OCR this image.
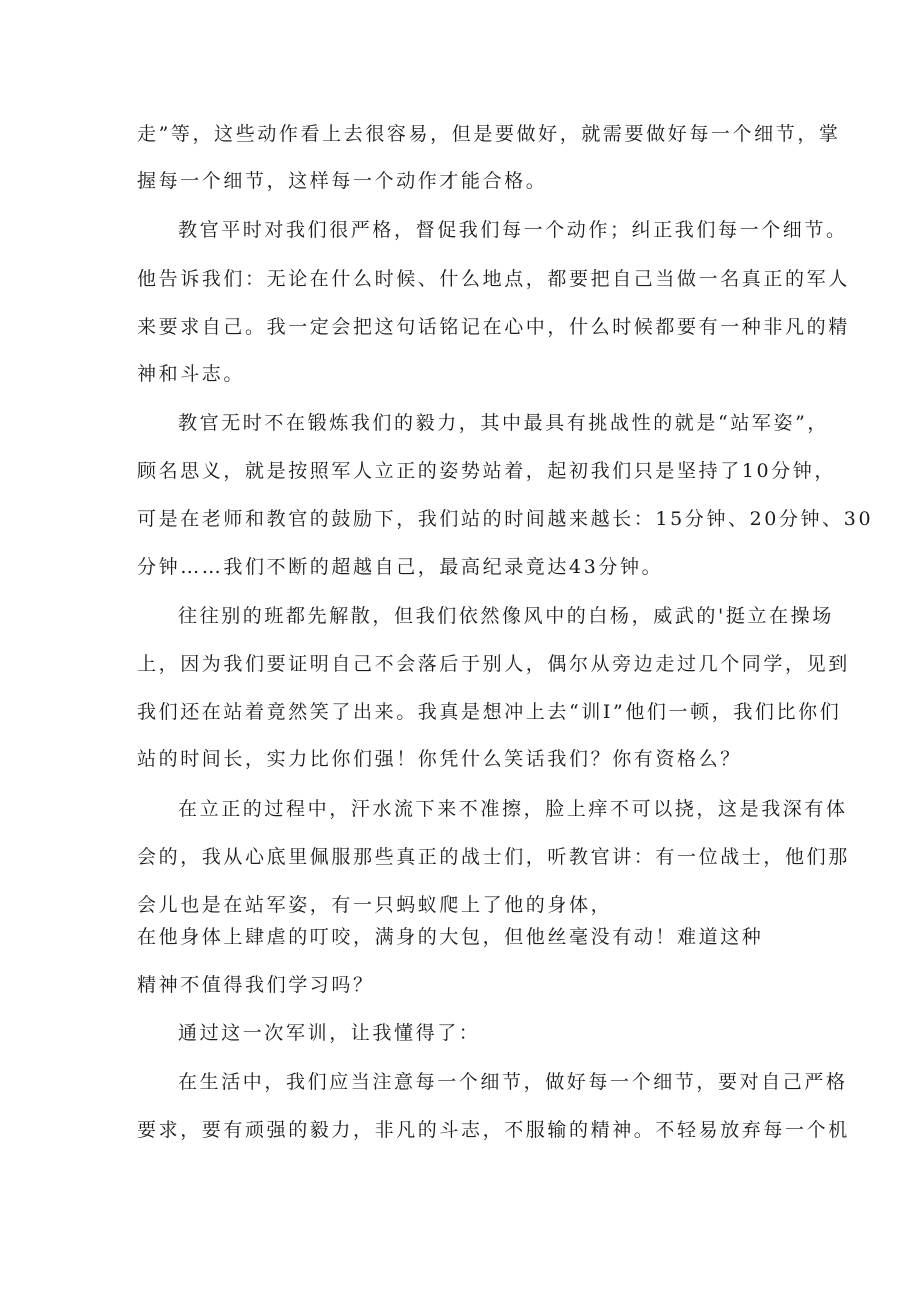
走”等，这些动作看上去很容易，但是要做好，就需要做好每一个细节，掌
握每一个细节，这样每一个动作才能合格。
教官平时对我们很严格，督促我们每一个动作；纠正我们每一个细节。
他告诉我们：无论在什么时候、什么地点，都要把自己当做一名真正的军人
来要求自己。我一定会把这句话铭记在心中，什么时候都要有一种非凡的精
神和斗志。
教官无时不在锻炼我们的毅力，其中最具有挑战性的就是“站军姿”，
顾名思义，就是按照军人立正的姿势站着，起初我们只是坚持了10分钟，
可是在老师和教官的鼓励下，我们站的时间越来越长：15分钟、20分钟、30
分钟……我们不断的超越自己，最高纪录竟达43分钟。
往往别的班都先解散，但我们依然像风中的白杨，威武的'挺立在操场
上，因为我们要证明自己不会落后于别人，偶尔从旁边走过几个同学，见到
我们还在站着竟然笑了出来。我真是想冲上去“训I”他们一顿，我们比你们
站的时间长，实力比你们强！你凭什么笑话我们？你有资格么？
在立正的过程中，汗水流下来不准擦，脸上痒不可以挠，这是我深有体
会的，我从心底里佩服那些真正的战士们，听教官讲：有一位战士，他们那
会儿也是在站军姿，有一只蚂蚁爬上了他的身体，
在他身体上肆虐的叮咬，满身的大包，但他丝毫没有动！难道这种
精神不值得我们学习吗？
通过这一次军训，让我懂得了：
在生活中，我们应当注意每一个细节，做好每一个细节，要对自己严格
要求，要有顽强的毅力，非凡的斗志，不服输的精神。不轻易放弃每一个机
